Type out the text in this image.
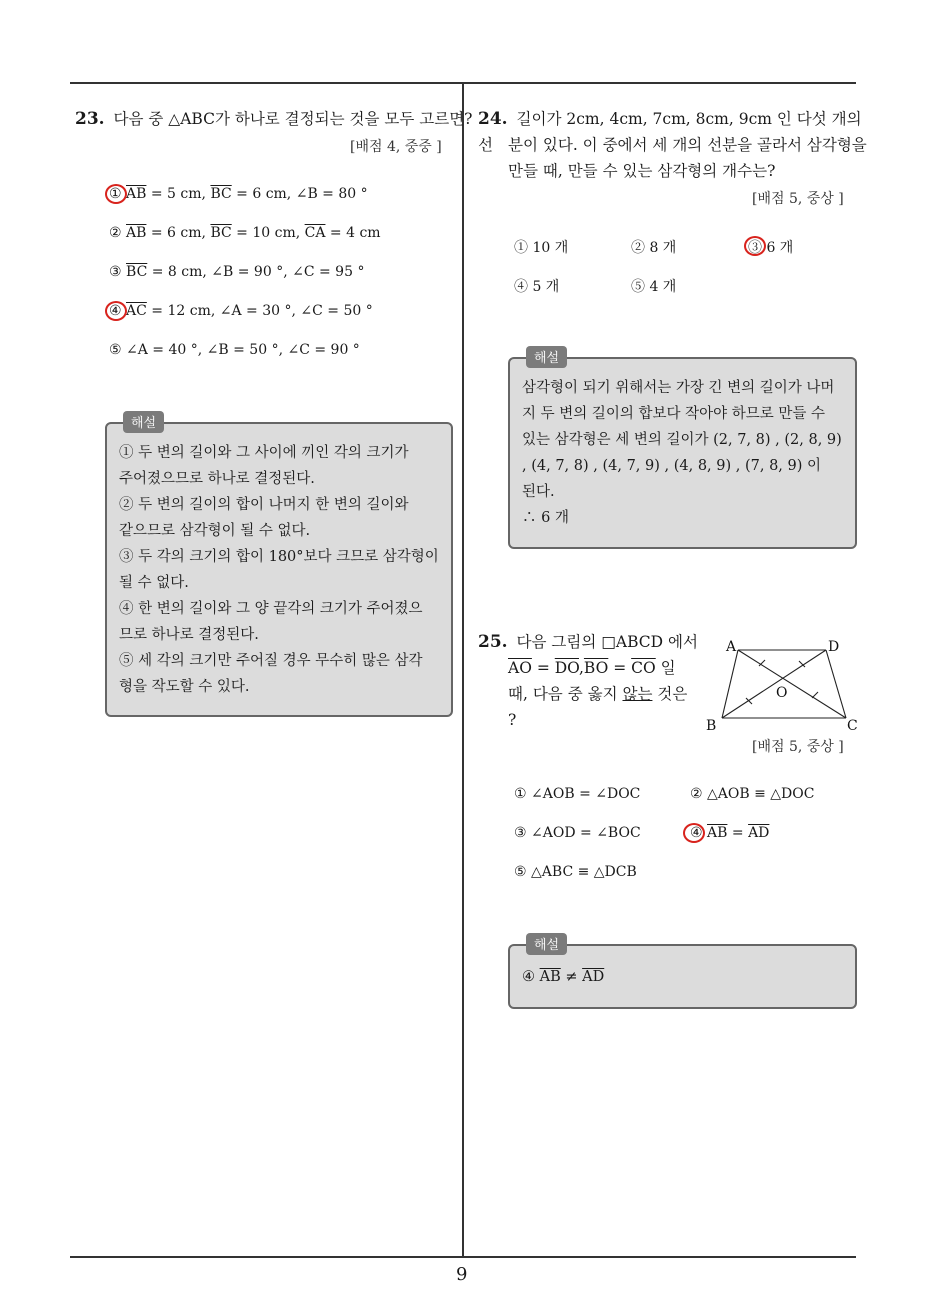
9
23. 다음 중 △ABC가 하나로 결정되는 것을 모두 고르면?
[배점 4, 중중 ]
① $\overline{AB} = 5$ cm, $\overline{BC} = 6$ cm, ∠B = 80 °
② $\overline{AB} = 6$ cm, $\overline{BC} = 10$ cm, $\overline{CA} = 4$ cm
③ $\overline{BC} = 8$ cm, ∠B = 90 °, ∠C = 95 °
④ $\overline{AC} = 12$ cm, ∠A = 30 °, ∠C = 50 °
⑤ ∠A = 40 °, ∠B = 50 °, ∠C = 90 °
해설

① 두 변의 길이와 그 사이에 끼인 각의 크기가

주어졌으므로 하나로 결정된다.

② 두 변의 길이의 합이 나머지 한 변의 길이와

같으므로 삼각형이 될 수 없다.

③ 두 각의 크기의 합이 180°보다 크므로 삼각형이

될 수 없다.

④ 한 변의 길이와 그 양 끝각의 크기가 주어졌으

므로 하나로 결정된다.

⑤ 세 각의 크기만 주어질 경우 무수히 많은 삼각

형을 작도할 수 있다.

24. 길이가 2cm, 4cm, 7cm, 8cm, 9cm 인 다섯 개의 선 분이 있다. 이 중에서 세 개의 선분을 골라서 삼각형을
만들 때, 만들 수 있는 삼각형의 개수는?
[배점 5, 중상 ]
① 10 개	② 8 개	③ 6 개
④ 5 개	⑤ 4 개
해설

삼각형이 되기 위해서는 가장 긴 변의 길이가 나머

지 두 변의 길이의 합보다 작아야 하므로 만들 수

있는 삼각형은 세 변의 길이가 (2, 7, 8) , (2, 8, 9)

, (4, 7, 8) , (4, 7, 9) , (4, 8, 9) , (7, 8, 9) 이

된다.

∴ 6 개

25. 다음 그림의 □ABCD 에서
$\overline{AO} = \overline{DO},\overline{BO} = \overline{CO}$ 일
때, 다음 중 옳지 않는 것은
?
A	D
B	C
O
[배점 5, 중상 ]
① ∠AOB = ∠DOC	② △AOB ≡ △DOC
③ ∠AOD = ∠BOC	④ $\overline{AB} = \overline{AD}$
⑤ △ABC ≡ △DCB
해설
④ $\overline{AB} \ne \overline{AD}$
